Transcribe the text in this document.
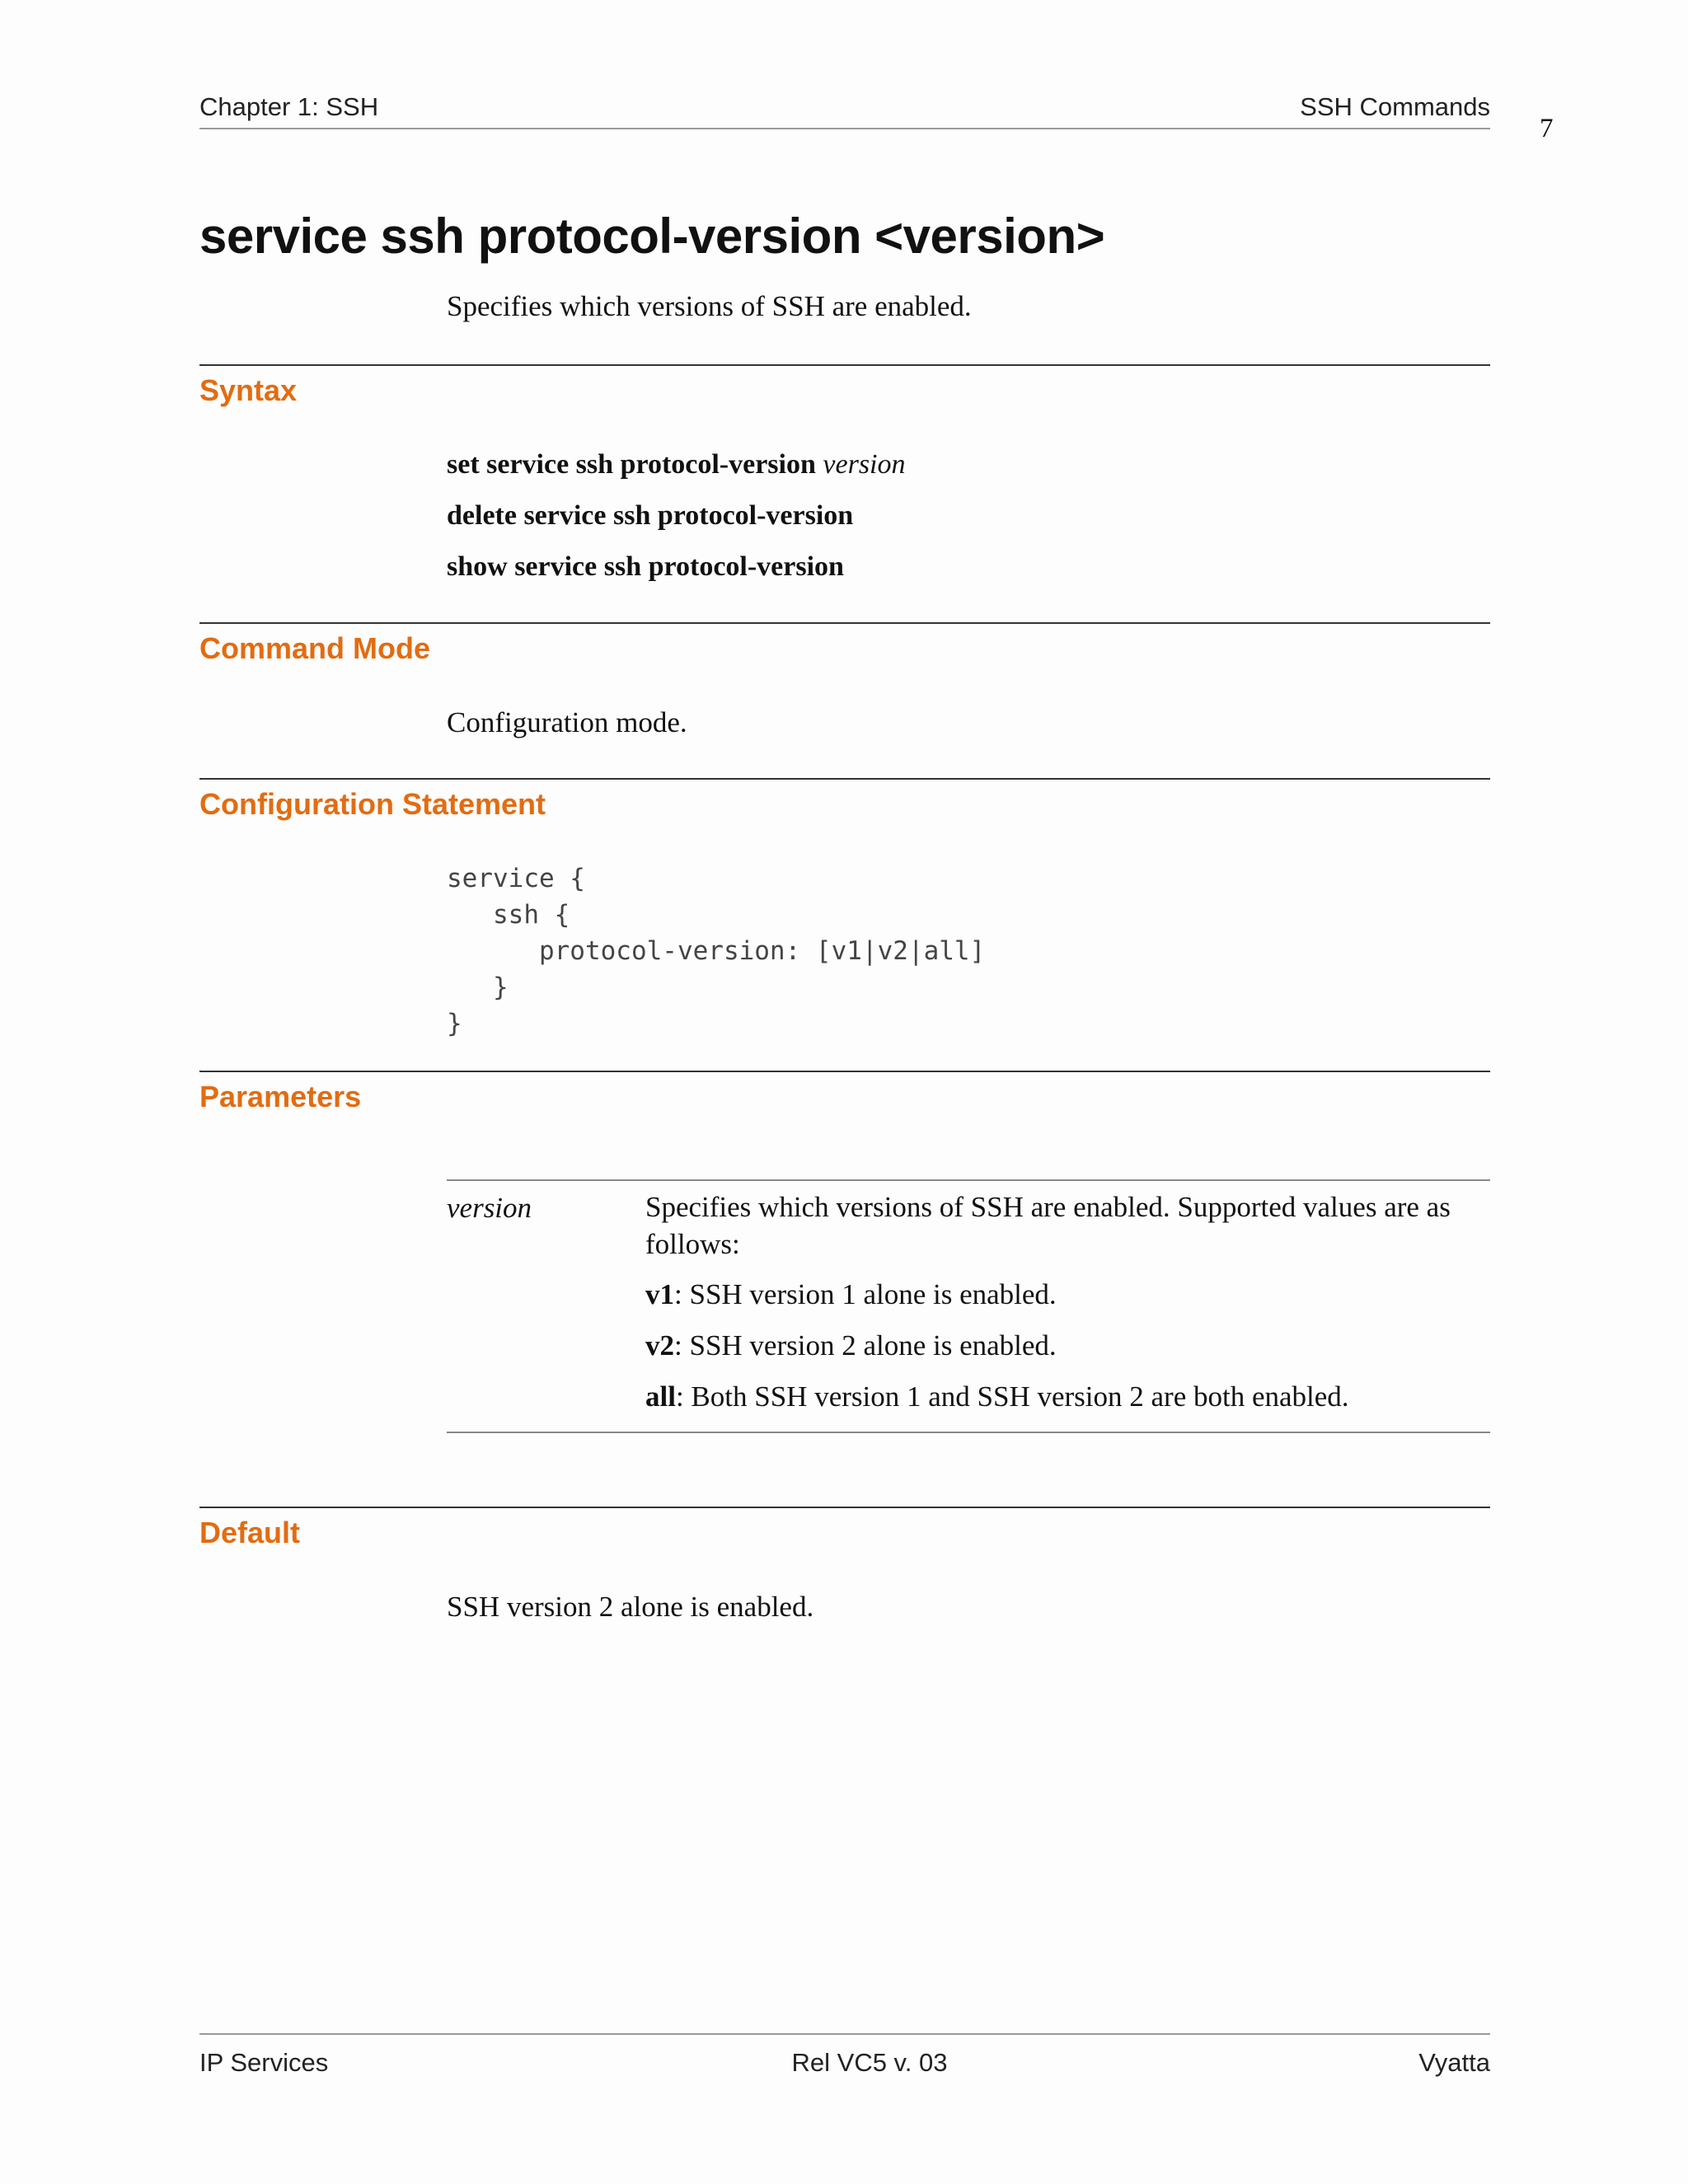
Chapter 1: SSH	SSH Commands
7
service ssh protocol-version <version>
Specifies which versions of SSH are enabled.
Syntax
set service ssh protocol-version version
delete service ssh protocol-version
show service ssh protocol-version
Command Mode
Configuration mode.
Configuration Statement
service {
ssh {
protocol-version: [v1|v2|all]
}
}
Parameters
version	Specifies which versions of SSH are enabled. Supported values are as follows:
v1: SSH version 1 alone is enabled.
v2: SSH version 2 alone is enabled.
all: Both SSH version 1 and SSH version 2 are both enabled.
Default
SSH version 2 alone is enabled.
IP Services	Rel VC5 v. 03	Vyatta
